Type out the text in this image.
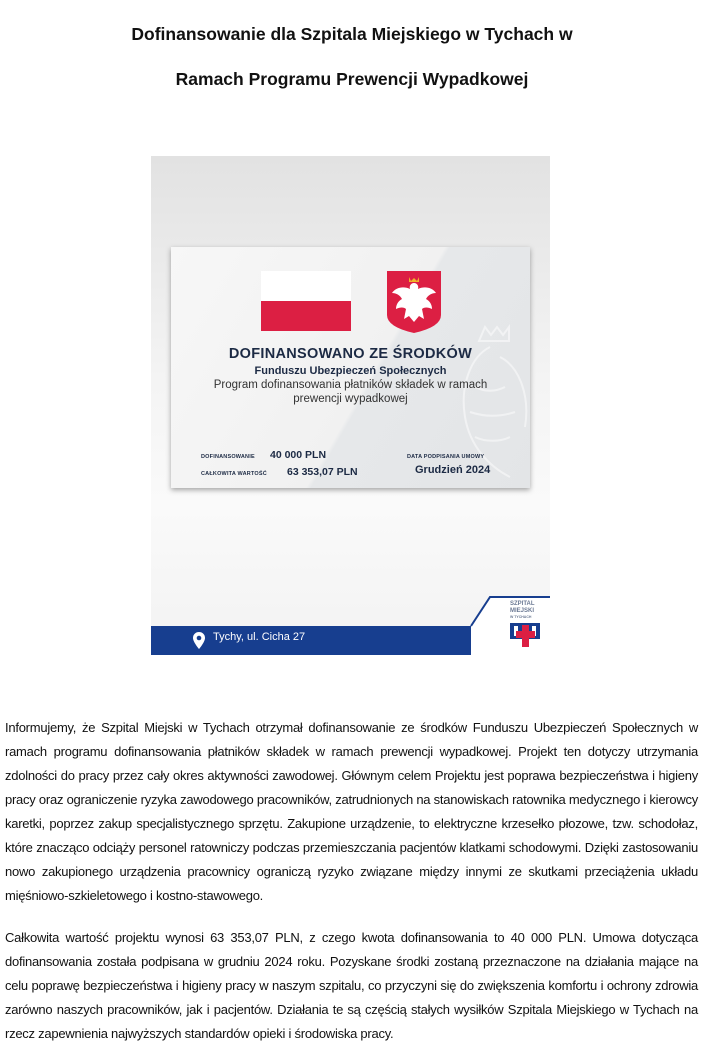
Dofinansowanie dla Szpitala Miejskiego w Tychach w
Ramach Programu Prewencji Wypadkowej
DOFINANSOWANO ZE ŚRODKÓW
Funduszu Ubezpieczeń Społecznych
Program dofinansowania płatników składek w ramach prewencji wypadkowej
DOFINANSOWANIE 40 000 PLN
CAŁKOWITA WARTOŚĆ 63 353,07 PLN
DATA PODPISANIA UMOWY
Grudzień 2024
Tychy, ul. Cicha 27
SZPITAL
MIEJSKI
W TYCHACH

Informujemy, że Szpital Miejski w Tychach otrzymał dofinansowanie ze środków Funduszu Ubezpieczeń Społecznych w ramach programu dofinansowania płatników składek w ramach prewencji wypadkowej. Projekt ten dotyczy utrzymania zdolności do pracy przez cały okres aktywności zawodowej. Głównym celem Projektu jest poprawa bezpieczeństwa i higieny pracy oraz ograniczenie ryzyka zawodowego pracowników, zatrudnionych na stanowiskach ratownika medycznego i kierowcy karetki, poprzez zakup specjalistycznego sprzętu. Zakupione urządzenie, to elektryczne krzesełko płozowe, tzw. schodołaz, które znacząco odciąży personel ratowniczy podczas przemieszczania pacjentów klatkami schodowymi. Dzięki zastosowaniu nowo zakupionego urządzenia pracownicy ograniczą ryzyko związane między innymi ze skutkami przeciążenia układu mięśniowo-szkieletowego i kostno-stawowego.

Całkowita wartość projektu wynosi 63 353,07 PLN, z czego kwota dofinansowania to 40 000 PLN. Umowa dotycząca dofinansowania została podpisana w grudniu 2024 roku. Pozyskane środki zostaną przeznaczone na działania mające na celu poprawę bezpieczeństwa i higieny pracy w naszym szpitalu, co przyczyni się do zwiększenia komfortu i ochrony zdrowia zarówno naszych pracowników, jak i pacjentów. Działania te są częścią stałych wysiłków Szpitala Miejskiego w Tychach na rzecz zapewnienia najwyższych standardów opieki i środowiska pracy.
